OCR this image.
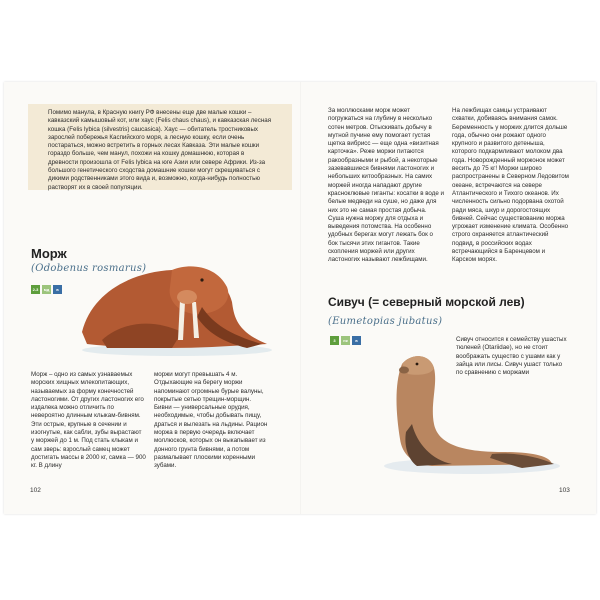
Помимо манула, в Красную книгу РФ внесены еще две малые кошки – кавказский камышовый кот, или хаус (Felis chaus chaus), и кавказская лесная кошка (Felis lybica (silvestris) caucasica). Хаус — обитатель тростниковых зарослей побережья Каспийского моря, а лесную кошку, если очень постараться, можно встретить в горных лесах Кавказа. Эти малые кошки гораздо больше, чем манул, похожи на кошку домашнюю, которая в древности произошла от Felis lybica на юге Азии или севере Африки. Из-за большого генетического сходства домашние кошки могут скрещиваться с дикими родственниками этого вида и, возможно, когда-нибудь полностью растворят их в своей популяции.

Морж
(Odobenus rosmarus)
2-3	мд	в

Морж – одно из самых узнаваемых морских хищных млекопитающих, называемых за форму конечностей ластоногими. От других ластоногих его издалека можно отличить по невероятно длинным клыкам-бивням. Эти острые, крупные в сечении и изогнутые, как сабли, зубы вырастают у моржей до 1 м. Под стать клыкам и сам зверь: взрослый самец может достигать массы в 2000 кг, самка — 900 кг. В длину

моржи могут превышать 4 м. Отдыхающие на берегу моржи напоминают огромные бурые валуны, покрытые сетью трещин-морщин. Бивни — универсальные орудия, необходимые, чтобы добывать пищу, драться и вылезать на льдины. Рацион моржа в первую очередь включает моллюсков, которых он выкапывает из донного грунта бивнями, а потом размалывает плоскими коренными зубами.

102

За моллюсками морж может погружаться на глубину в несколько сотен метров. Отыскивать добычу в мутной пучине ему помогает густая щетка вибрисс — еще одна «визитная карточка». Реже моржи питаются ракообразными и рыбой, а некоторые зазевавшиеся бивнями ластоногих и небольших китообразных. На самих моржей иногда нападают другие красноклювые гиганты: косатки в воде и белые медведи на суше, но даже для них это не самая простая добыча. Суша нужна моржу для отдыха и выведения потомства. На особенно удобных берегах могут лежать бок о бок тысячи этих гигантов. Такие скопления моржей или других ластоногих называют лежбищами.

На лежбищах самцы устраивают схватки, добиваясь внимания самок. Беременность у моржих длится дольше года, обычно они рожают одного крупного и развитого детеныша, которого подкармливают молоком два года. Новорожденный моржонок может весить до 75 кг! Моржи широко распространены в Северном Ледовитом океане, встречаются на севере Атлантического и Тихого океанов. Их численность сильно подорвана охотой ради мяса, шкур и дорогостоящих бивней. Сейчас существованию моржа угрожает изменение климата. Особенно строго охраняется атлантический подвид, в российских водах встречающийся в Баренцевом и Карском морях.

Сивуч (= северный морской лев)
(Eumetopias jubatus)
3	нк	в	Сивуч относится к семейству ушастых тюленей (Otariidae), но не стоит воображать существо с ушами как у зайца или лисы. Сивуч ушаст только по сравнению с моржами

103
